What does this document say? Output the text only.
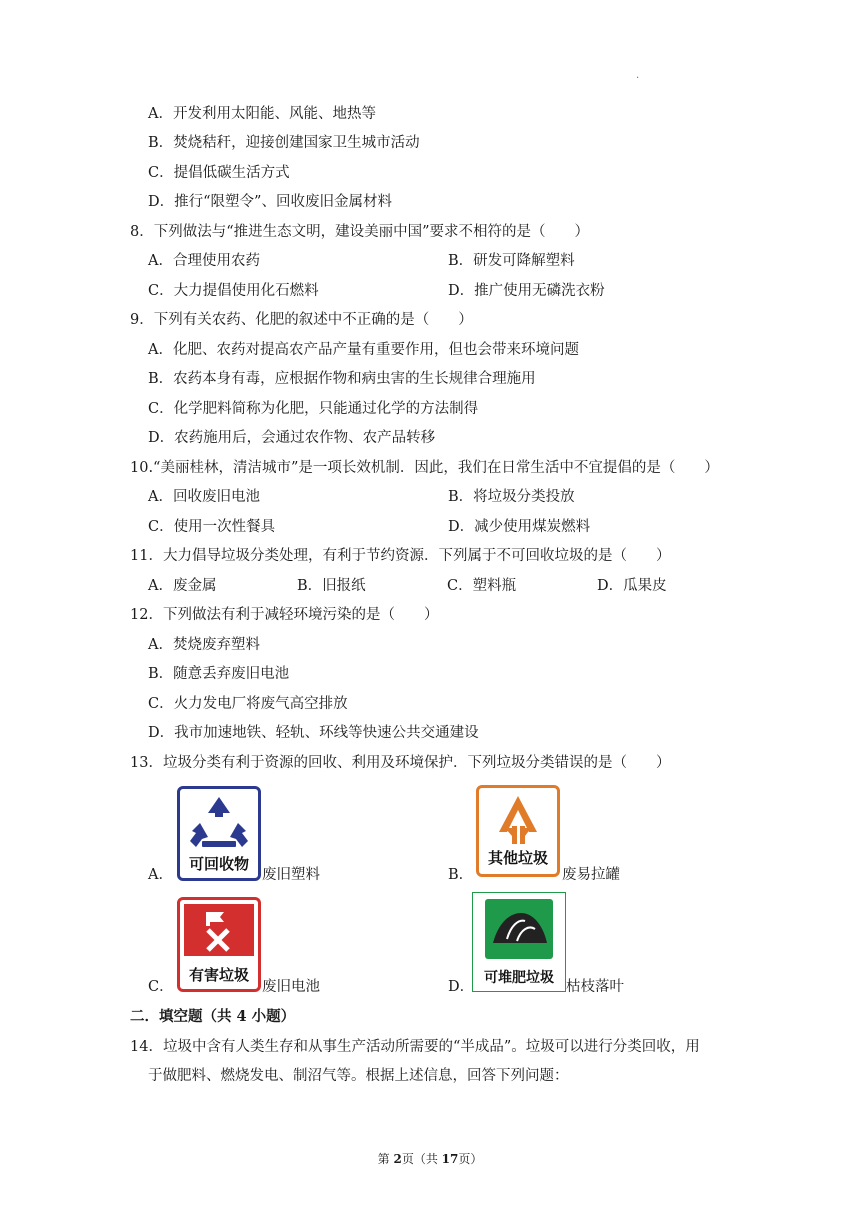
.
A．开发利用太阳能、风能、地热等
B．焚烧秸秆，迎接创建国家卫生城市活动
C．提倡低碳生活方式
D．推行“限塑令”、回收废旧金属材料
8．下列做法与“推进生态文明，建设美丽中国”要求不相符的是（　　）
A．合理使用农药	B．研发可降解塑料
C．大力提倡使用化石燃料	D．推广使用无磷洗衣粉
9．下列有关农药、化肥的叙述中不正确的是（　　）
A．化肥、农药对提高农产品产量有重要作用，但也会带来环境问题
B．农药本身有毒，应根据作物和病虫害的生长规律合理施用
C．化学肥料简称为化肥，只能通过化学的方法制得
D．农药施用后，会通过农作物、农产品转移
10.“美丽桂林，清洁城市”是一项长效机制．因此，我们在日常生活中不宜提倡的是（　　）
A．回收废旧电池	B．将垃圾分类投放
C．使用一次性餐具	D．减少使用煤炭燃料
11．大力倡导垃圾分类处理，有利于节约资源．下列属于不可回收垃圾的是（　　）
A．废金属	B．旧报纸	C．塑料瓶	D．瓜果皮
12．下列做法有利于减轻环境污染的是（　　）
A．焚烧废弃塑料
B．随意丢弃废旧电池
C．火力发电厂将废气高空排放
D．我市加速地铁、轻轨、环线等快速公共交通建设
13．垃圾分类有利于资源的回收、利用及环境保护．下列垃圾分类错误的是（　　）
可回收物
A．	废旧塑料
其他垃圾
B．	废易拉罐
有害垃圾
C．	废旧电池
可堆肥垃圾
D．	枯枝落叶
二．填空题（共 4 小题）
14．垃圾中含有人类生存和从事生产活动所需要的“半成品”。垃圾可以进行分类回收，用
于做肥料、燃烧发电、制沼气等。根据上述信息，回答下列问题：
第 2页（共 17页）
